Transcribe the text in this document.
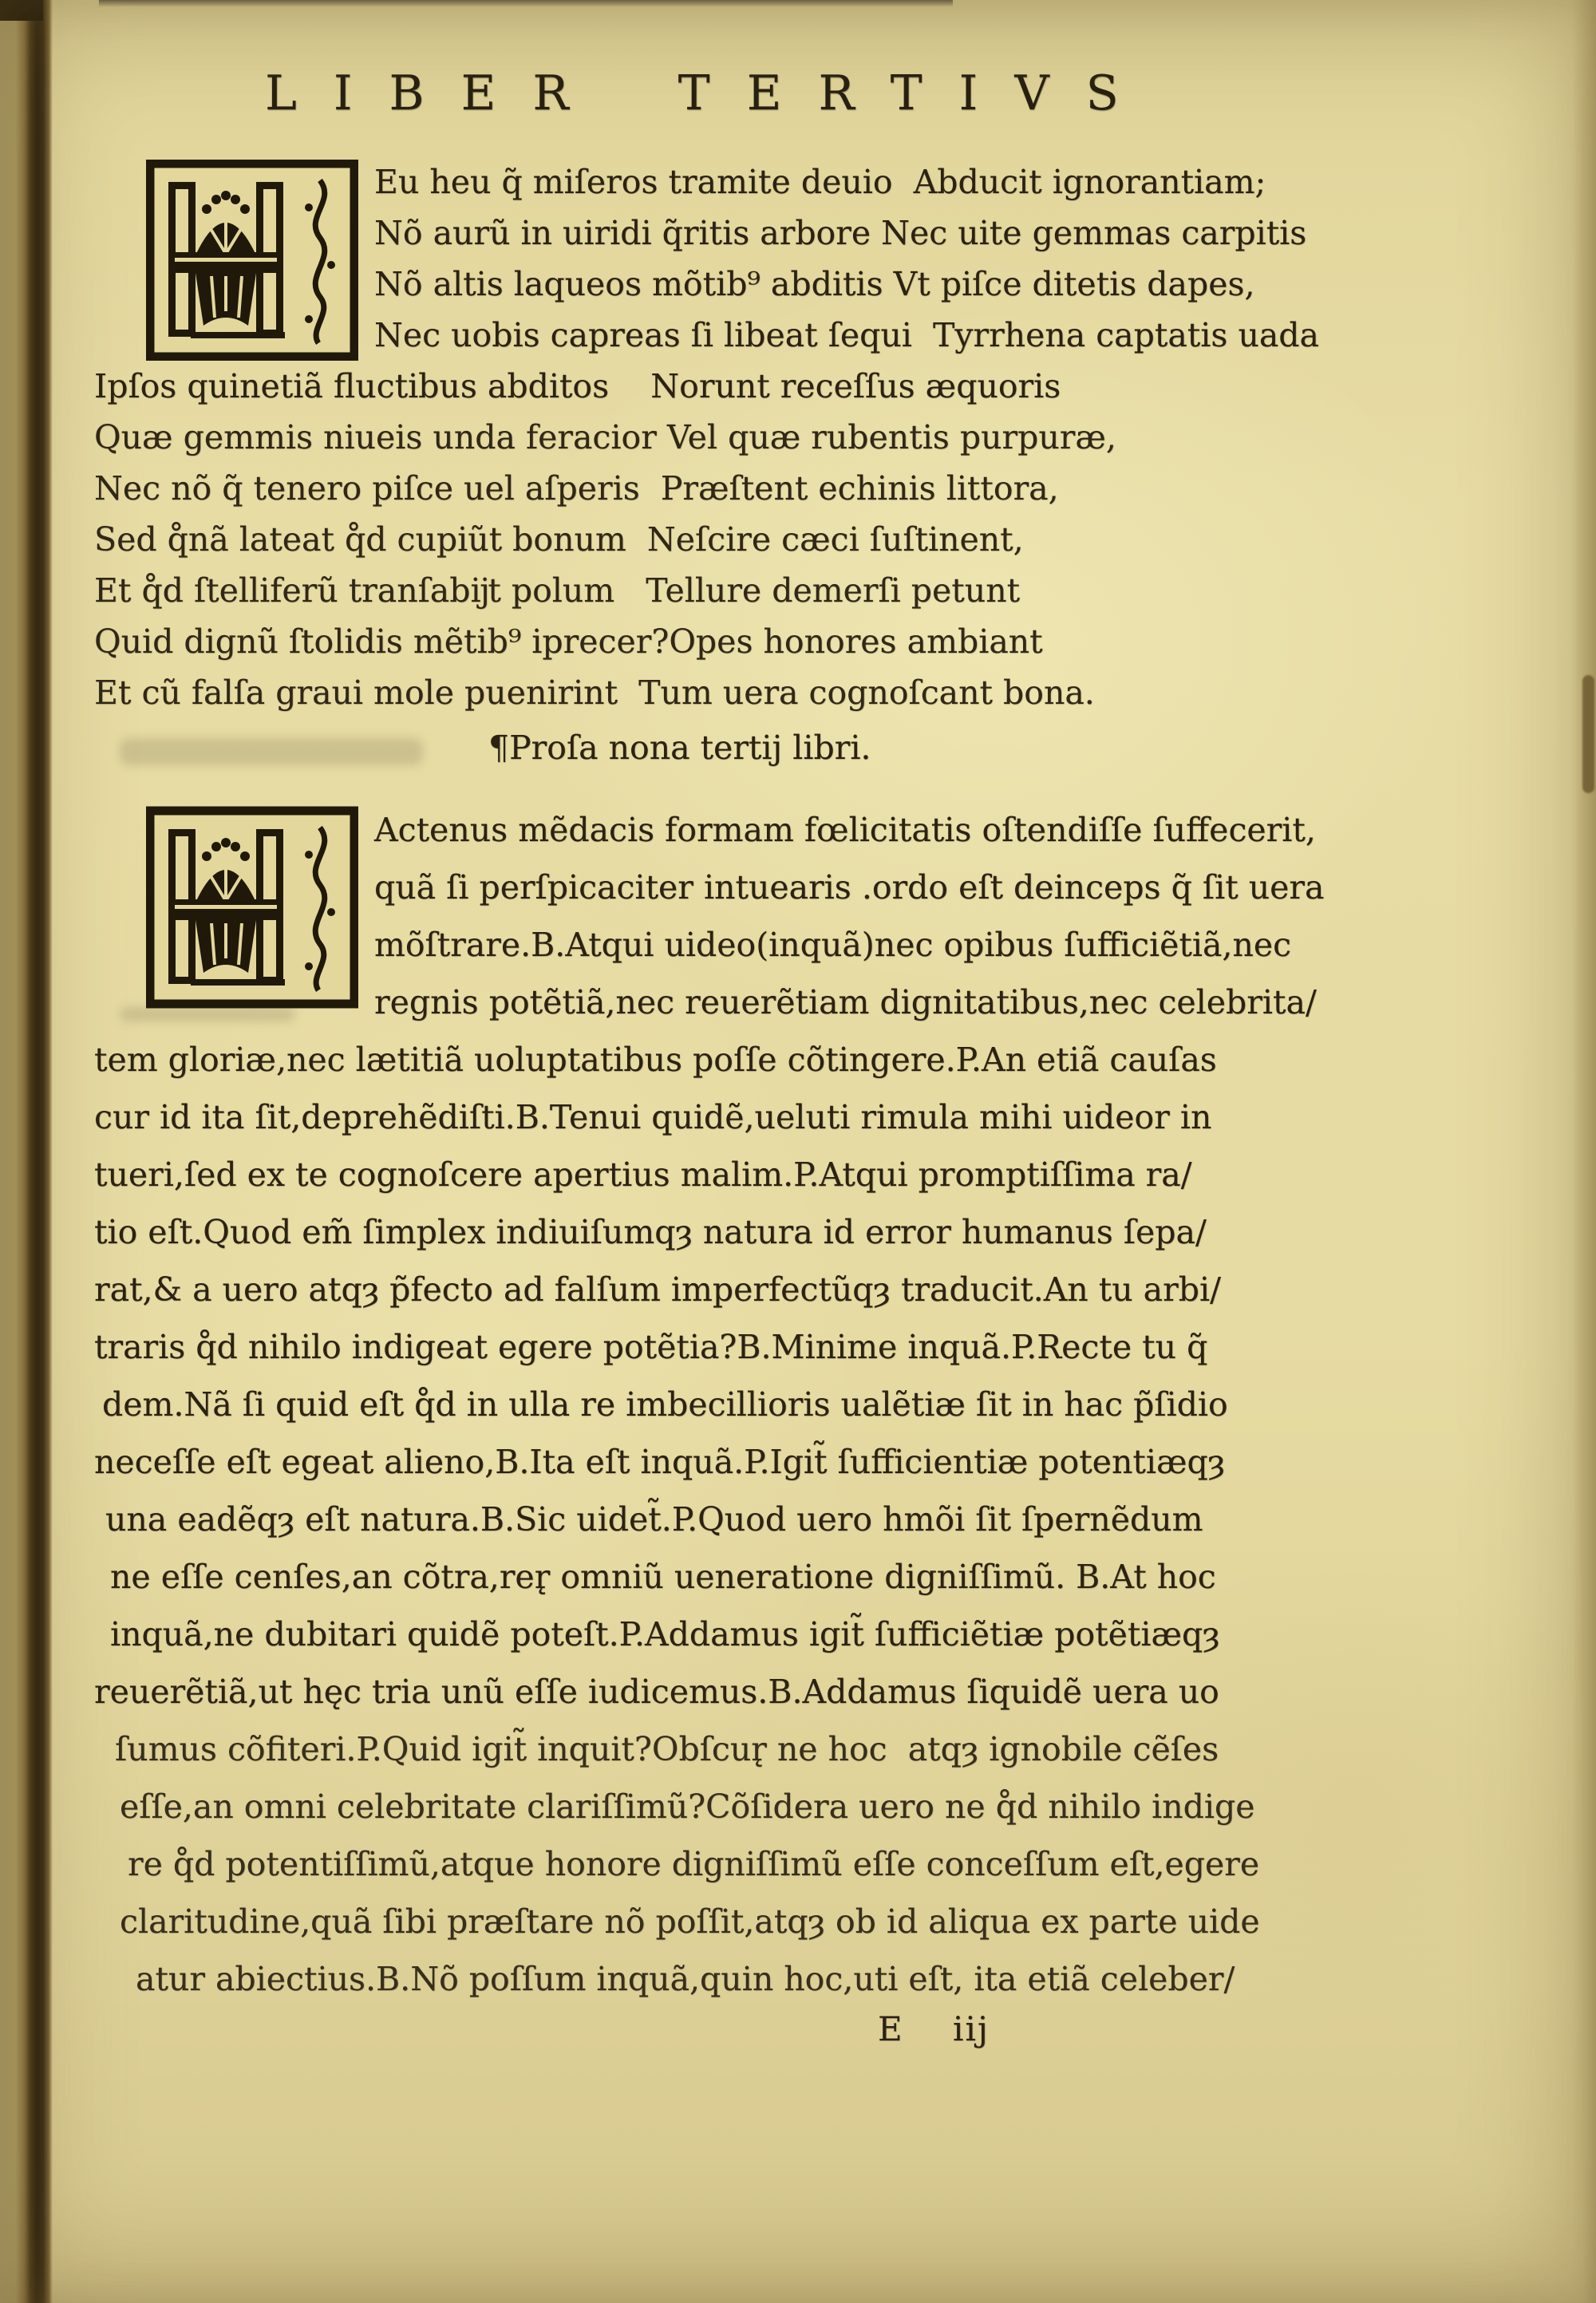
LIBER TERTIVS
Eu heu q̃ miſeros tramite deuio  Abducit ignorantiam;
Nõ aurũ in uiridi q̃ritis arbore Nec uite gemmas carpitis
Nõ altis laqueos mõtib⁹ abditis Vt piſce ditetis dapes,
Nec uobis capreas ſi libeat ſequi  Tyrrhena captatis uada
Ipſos quinetiã fluctibus abditos    Norunt receſſus æquoris
Quæ gemmis niueis unda feracior Vel quæ rubentis purpuræ,
Nec nõ q̃ tenero piſce uel aſperis  Præſtent echinis littora,
Sed q̊nã lateat q̊d cupiũt bonum  Neſcire cæci ſuſtinent,
Et q̊d ſtelliferũ tranſabĳt polum   Tellure demerſi petunt
Quid dignũ ſtolidis mẽtib⁹ iprecer?Opes honores ambiant
Et cũ falſa graui mole puenirint  Tum uera cognoſcant bona.
¶Proſa nona tertij libri.
Actenus mẽdacis formam fœlicitatis oſtendiſſe ſuffecerit,
quã ſi perſpicaciter intuearis .ordo eſt deinceps q̃ ſit uera
mõſtrare.B.Atqui uideo(inquã)nec opibus ſufficiẽtiã,nec
regnis potẽtiã,nec reuerẽtiam dignitatibus,nec celebrita/
tem gloriæ,nec lætitiã uoluptatibus poſſe cõtingere.P.An etiã cauſas
cur id ita ſit,deprehẽdiſti.B.Tenui quidẽ,ueluti rimula mihi uideor in
tueri,ſed ex te cognoſcere apertius malim.P.Atqui promptiſſima ra/
tio eſt.Quod em̃ ſimplex indiuiſumqȝ natura id error humanus ſepa/
rat,& a uero atqȝ p̃fecto ad falſum imperfectũqȝ traducit.An tu arbi/
traris q̊d nihilo indigeat egere potẽtia?B.Minime inquã.P.Recte tu q̃
dem.Nã ſi quid eſt q̊d in ulla re imbecillioris ualẽtiæ ſit in hac p̃ſidio
neceſſe eſt egeat alieno,B.Ita eſt inquã.P.Igit̃ ſufficientiæ potentiæqȝ
una eadẽqȝ eſt natura.B.Sic uidet̃.P.Quod uero hmõi ſit ſpernẽdum
ne eſſe cenſes,an cõtra,rer̨ omniũ ueneratione digniſſimũ. B.At hoc
inquã,ne dubitari quidẽ poteſt.P.Addamus igit̃ ſufficiẽtiæ potẽtiæqȝ
reuerẽtiã,ut hęc tria unũ eſſe iudicemus.B.Addamus ſiquidẽ uera uo
ſumus cõfiteri.P.Quid igit̃ inquit?Obſcur̨ ne hoc  atqȝ ignobile cẽſes
eſſe,an omni celebritate clariſſimũ?Cõſidera uero ne q̊d nihilo indige
re q̊d potentiſſimũ,atque honore digniſſimũ eſſe conceſſum eſt,egere
claritudine,quã ſibi præſtare nõ poſſit,atqȝ ob id aliqua ex parte uide
atur abiectius.B.Nõ poſſum inquã,quin hoc,uti eſt, ita etiã celeber/
E    iij
